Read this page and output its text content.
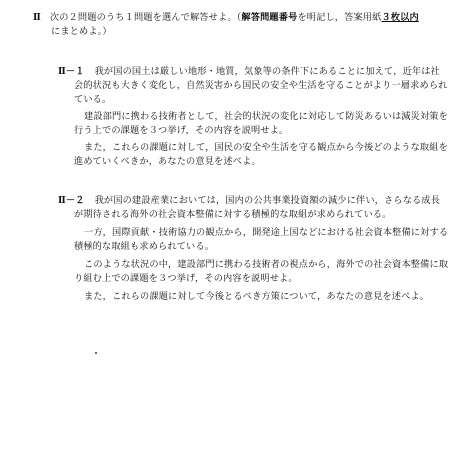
Ⅱ 次の２問題のうち１問題を選んで解答せよ。（解答問題番号を明記し，答案用紙３枚以内
にまとめよ。）
Ⅱ－１ 我が国の国土は厳しい地形・地質，気象等の条件下にあることに加えて，近年は社
会的状況も大きく変化し，自然災害から国民の安全や生活を守ることがより一層求められ
ている。
建設部門に携わる技術者として，社会的状況の変化に対応して防災あるいは減災対策を
行う上での課題を３つ挙げ，その内容を説明せよ。
また，これらの課題に対して，国民の安全や生活を守る観点から今後どのような取組を
進めていくべきか，あなたの意見を述べよ。
Ⅱ－２ 我が国の建設産業においては，国内の公共事業投資額の減少に伴い，さらなる成長
が期待される海外の社会資本整備に対する積極的な取組が求められている。
一方，国際貢献・技術協力の観点から，開発途上国などにおける社会資本整備に対する
積極的な取組も求められている。
このような状況の中，建設部門に携わる技術者の視点から，海外での社会資本整備に取
り組む上での課題を３つ挙げ，その内容を説明せよ。
また，これらの課題に対して今後とるべき方策について，あなたの意見を述べよ。
